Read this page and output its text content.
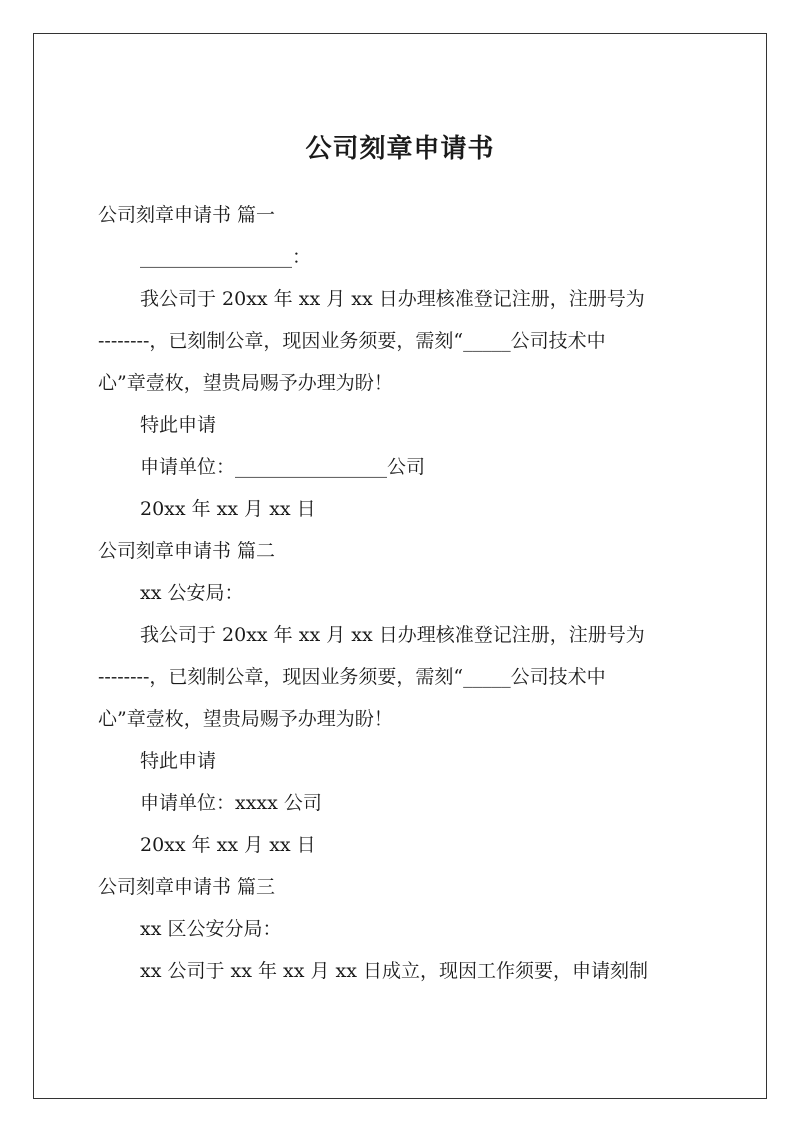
公司刻章申请书
公司刻章申请书 篇一
________________：
我公司于 20xx 年 xx 月 xx 日办理核准登记注册，注册号为
--------，已刻制公章，现因业务须要，需刻“_____公司技术中
心”章壹枚，望贵局赐予办理为盼！
特此申请
申请单位：________________公司
20xx 年 xx 月 xx 日
公司刻章申请书 篇二
xx 公安局：
我公司于 20xx 年 xx 月 xx 日办理核准登记注册，注册号为
--------，已刻制公章，现因业务须要，需刻“_____公司技术中
心”章壹枚，望贵局赐予办理为盼！
特此申请
申请单位：xxxx 公司
20xx 年 xx 月 xx 日
公司刻章申请书 篇三
xx 区公安分局：
xx 公司于 xx 年 xx 月 xx 日成立，现因工作须要，申请刻制
